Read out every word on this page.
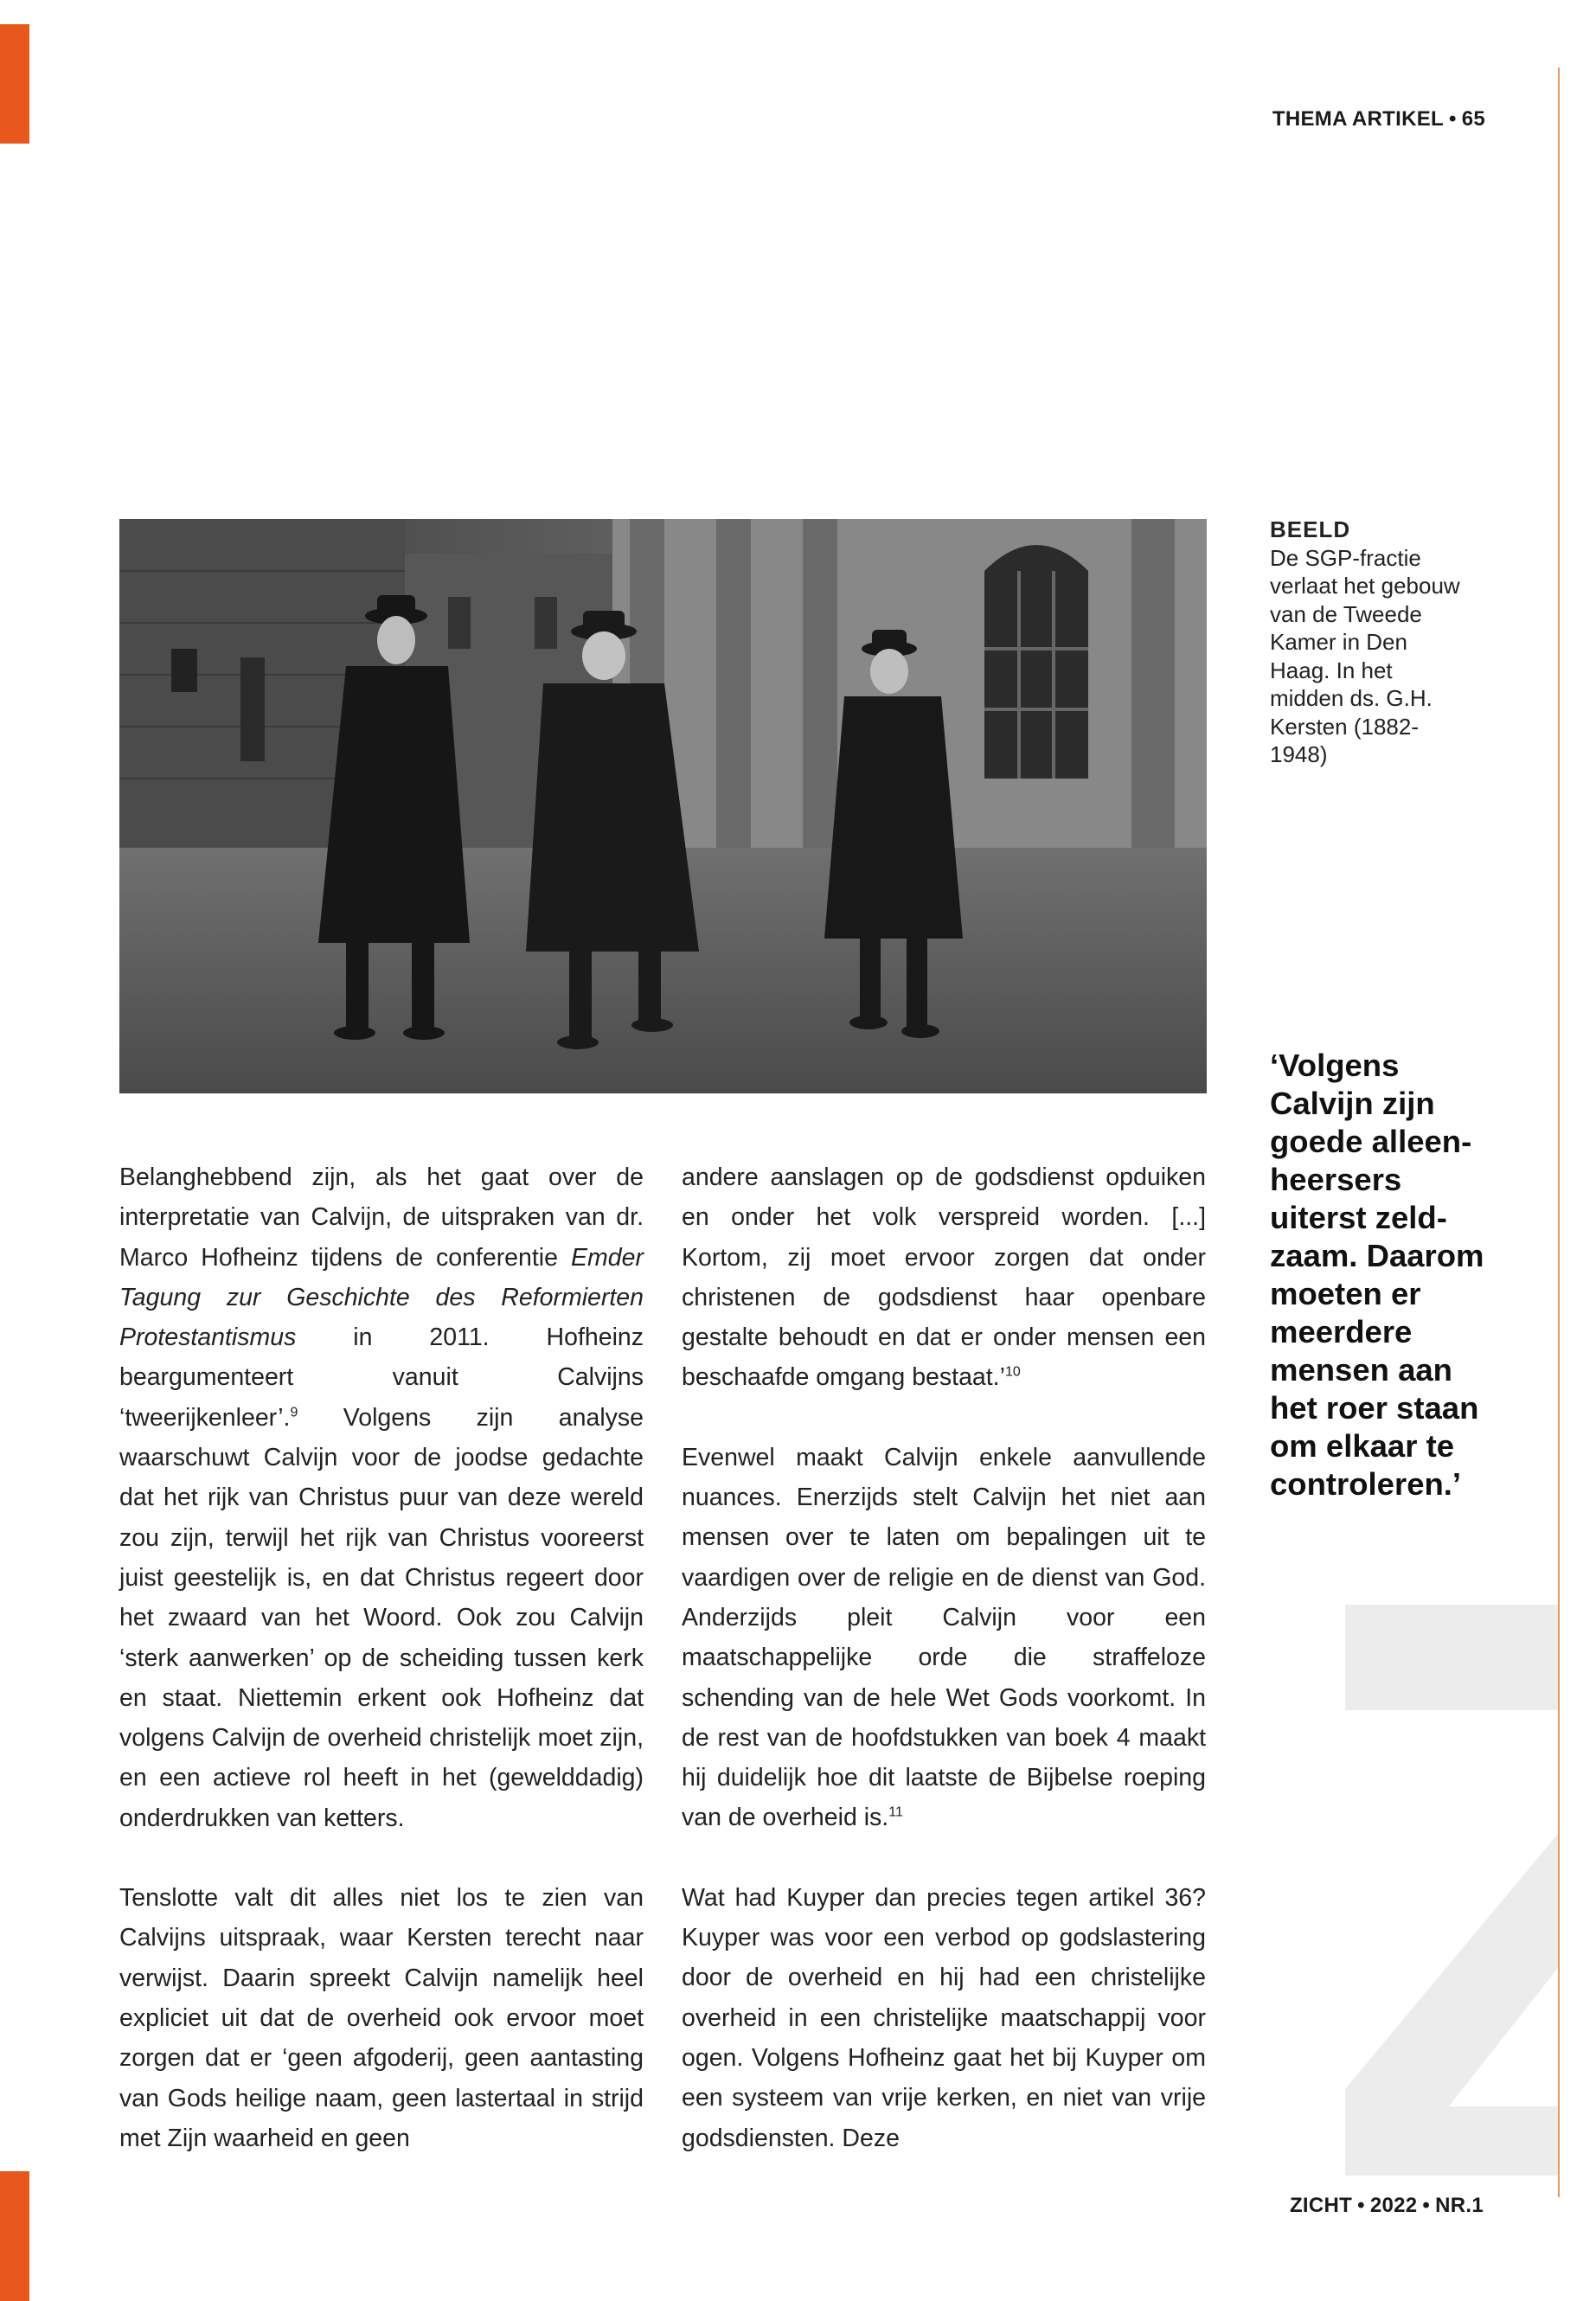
THEMA ARTIKEL • 65
BEELD
De SGP-fractie verlaat het gebouw van de Tweede Kamer in Den Haag. In het midden ds. G.H. Kersten (1882-1948)
‘Volgens Calvijn zijn goede alleenheersers uiterst zeldzaam. Daarom moeten er meerdere mensen aan het roer staan om elkaar te controleren.’

Belanghebbend zijn, als het gaat over de interpretatie van Calvijn, de uitspraken van dr. Marco Hofheinz tijdens de conferentie Emder Tagung zur Geschichte des Reformierten Protestantismus in 2011. Hofheinz beargumenteert vanuit Calvijns ‘tweerijkenleer’.$^9$ Volgens zijn analyse waarschuwt Calvijn voor de joodse gedachte dat het rijk van Christus puur van deze wereld zou zijn, terwijl het rijk van Christus vooreerst juist geestelijk is, en dat Christus regeert door het zwaard van het Woord. Ook zou Calvijn ‘sterk aanwerken’ op de scheiding tussen kerk en staat. Niettemin erkent ook Hofheinz dat volgens Calvijn de overheid christelijk moet zijn, en een actieve rol heeft in het (gewelddadig) onderdrukken van ketters.

Tenslotte valt dit alles niet los te zien van Calvijns uitspraak, waar Kersten terecht naar verwijst. Daarin spreekt Calvijn namelijk heel expliciet uit dat de overheid ook ervoor moet zorgen dat er ‘geen afgoderij, geen aantasting van Gods heilige naam, geen lastertaal in strijd met Zijn waarheid en geen

andere aanslagen op de godsdienst opduiken en onder het volk verspreid worden. [...] Kortom, zij moet ervoor zorgen dat onder christenen de godsdienst haar openbare gestalte behoudt en dat er onder mensen een beschaafde omgang bestaat.’$^{10}$

Evenwel maakt Calvijn enkele aanvullende nuances. Enerzijds stelt Calvijn het niet aan mensen over te laten om bepalingen uit te vaardigen over de religie en de dienst van God. Anderzijds pleit Calvijn voor een maatschappelijke orde die straffeloze schending van de hele Wet Gods voorkomt. In de rest van de hoofdstukken van boek 4 maakt hij duidelijk hoe dit laatste de Bijbelse roeping van de overheid is.$^{11}$

Wat had Kuyper dan precies tegen artikel 36? Kuyper was voor een verbod op godslastering door de overheid en hij had een christelijke overheid in een christelijke maatschappij voor ogen. Volgens Hofheinz gaat het bij Kuyper om een systeem van vrije kerken, en niet van vrije godsdiensten. Deze

ZICHT • 2022 • NR.1
